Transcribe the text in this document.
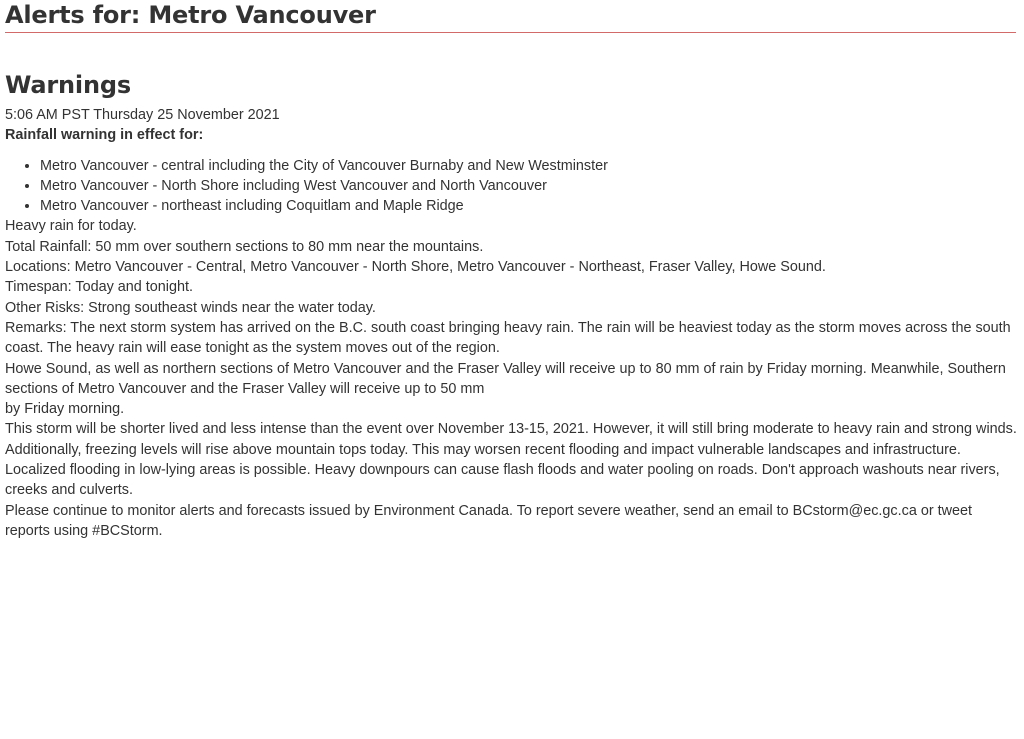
Alerts for: Metro Vancouver
Warnings
5:06 AM PST Thursday 25 November 2021
Rainfall warning in effect for:
• Metro Vancouver - central including the City of Vancouver Burnaby and New Westminster
• Metro Vancouver - North Shore including West Vancouver and North Vancouver
• Metro Vancouver - northeast including Coquitlam and Maple Ridge

Heavy rain for today.

Total Rainfall: 50 mm over southern sections to 80 mm near the mountains.

Locations: Metro Vancouver - Central, Metro Vancouver - North Shore, Metro Vancouver - Northeast, Fraser Valley, Howe Sound.

Timespan: Today and tonight.

Other Risks: Strong southeast winds near the water today.

Remarks: The next storm system has arrived on the B.C. south coast bringing heavy rain. The rain will be heaviest today as the storm moves across the south coast. The heavy rain will ease tonight as the system moves out of the region.

Howe Sound, as well as northern sections of Metro Vancouver and the Fraser Valley will receive up to 80 mm of rain by Friday morning. Meanwhile, Southern sections of Metro Vancouver and the Fraser Valley will receive up to 50 mm
by Friday morning.

This storm will be shorter lived and less intense than the event over November 13-15, 2021. However, it will still bring moderate to heavy rain and strong winds. Additionally, freezing levels will rise above mountain tops today. This may worsen recent flooding and impact vulnerable landscapes and infrastructure.

Localized flooding in low-lying areas is possible. Heavy downpours can cause flash floods and water pooling on roads. Don't approach washouts near rivers, creeks and culverts.

Please continue to monitor alerts and forecasts issued by Environment Canada. To report severe weather, send an email to BCstorm@ec.gc.ca or tweet reports using #BCStorm.
